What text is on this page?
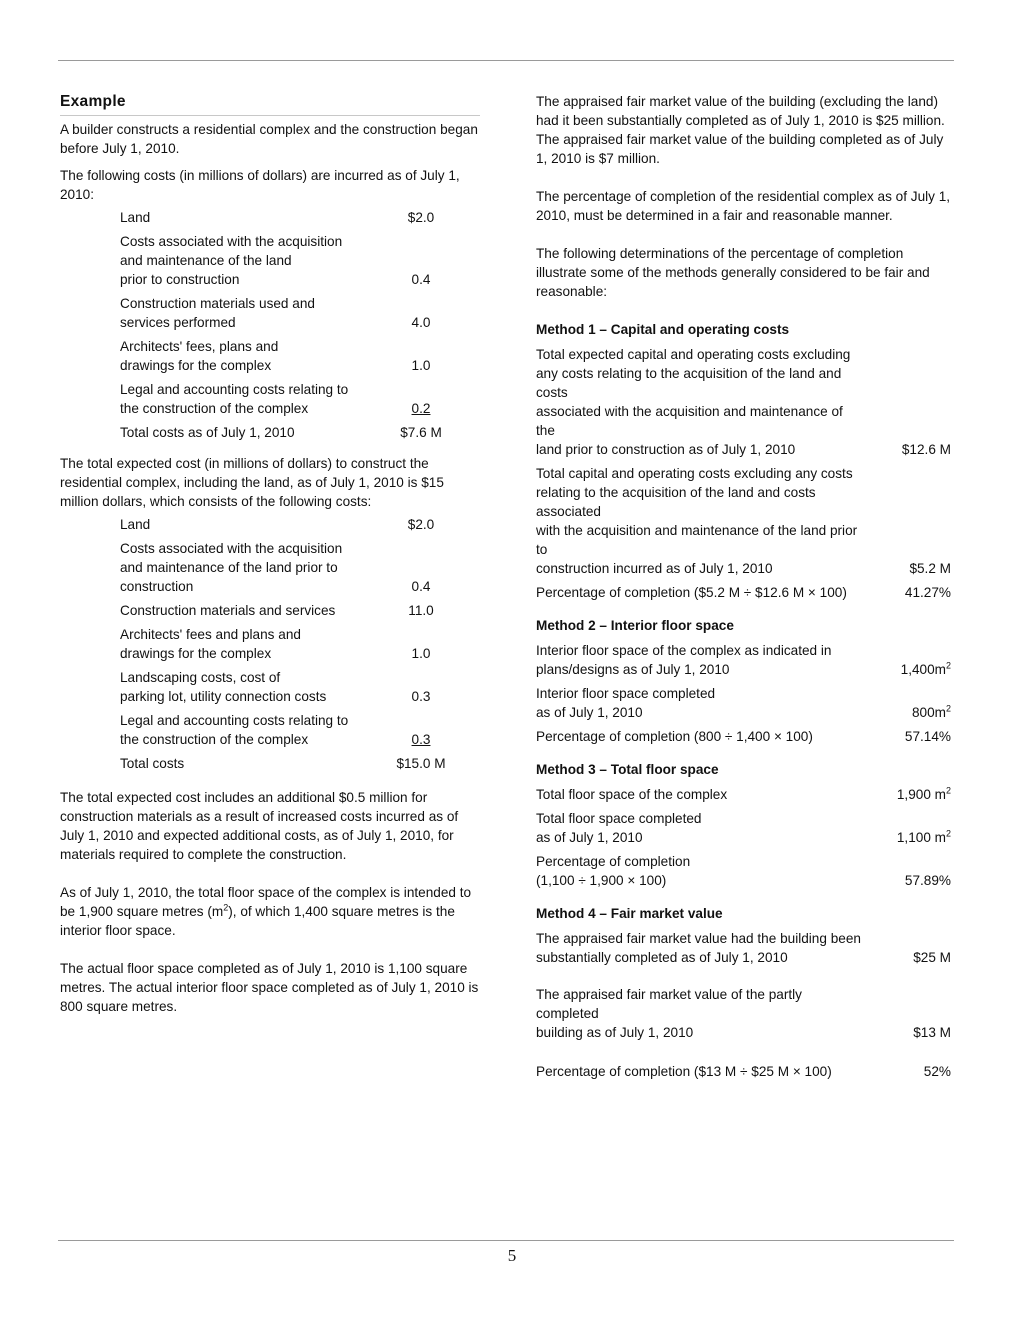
Example

A builder constructs a residential complex and the construction began before July 1, 2010.

The following costs (in millions of dollars) are incurred as of July 1, 2010:

Land	$2.0
Costs associated with the acquisition
and maintenance of the land
prior to construction	0.4
Construction materials used and
services performed	4.0
Architects' fees, plans and
drawings for the complex	1.0
Legal and accounting costs relating to
the construction of the complex	0.2
Total costs as of July 1, 2010	$7.6 M

The total expected cost (in millions of dollars) to construct the residential complex, including the land, as of July 1, 2010 is $15 million dollars, which consists of the following costs:

Land	$2.0
Costs associated with the acquisition
and maintenance of the land prior to
construction	0.4
Construction materials and services	11.0
Architects' fees and plans and
drawings for the complex	1.0
Landscaping costs, cost of
parking lot, utility connection costs	0.3
Legal and accounting costs relating to
the construction of the complex	0.3
Total costs	$15.0 M

The total expected cost includes an additional $0.5 million for construction materials as a result of increased costs incurred as of July 1, 2010 and expected additional costs, as of July 1, 2010, for materials required to complete the construction.

As of July 1, 2010, the total floor space of the complex is intended to be 1,900 square metres $(m^2)$, of which 1,400 square metres is the interior floor space.

The actual floor space completed as of July 1, 2010 is 1,100 square metres. The actual interior floor space completed as of July 1, 2010 is 800 square metres.

The appraised fair market value of the building (excluding the land) had it been substantially completed as of July 1, 2010 is $25 million. The appraised fair market value of the building completed as of July 1, 2010 is $7 million.

The percentage of completion of the residential complex as of July 1, 2010, must be determined in a fair and reasonable manner.

The following determinations of the percentage of completion illustrate some of the methods generally considered to be fair and reasonable:

Method 1 – Capital and operating costs
Total expected capital and operating costs excluding
any costs relating to the acquisition of the land and costs
associated with the acquisition and maintenance of the
land prior to construction as of July 1, 2010	$12.6 M
Total capital and operating costs excluding any costs
relating to the acquisition of the land and costs associated
with the acquisition and maintenance of the land prior to
construction incurred as of July 1, 2010	$5.2 M
Percentage of completion ($5.2 M ÷ $12.6 M × 100)	41.27%
Method 2 – Interior floor space
Interior floor space of the complex as indicated in
plans/designs as of July 1, 2010	$1,400m^2$
Interior floor space completed
as of July 1, 2010	$800m^2$
Percentage of completion (800 ÷ 1,400 × 100)	57.14%
Method 3 – Total floor space
Total floor space of the complex	1,900 $m^2$
Total floor space completed
as of July 1, 2010	1,100 $m^2$
Percentage of completion
(1,100 ÷ 1,900 × 100)	57.89%
Method 4 – Fair market value
The appraised fair market value had the building been
substantially completed as of July 1, 2010	$25 M
The appraised fair market value of the partly completed
building as of July 1, 2010	$13 M
Percentage of completion ($13 M ÷ $25 M × 100)	52%
5
